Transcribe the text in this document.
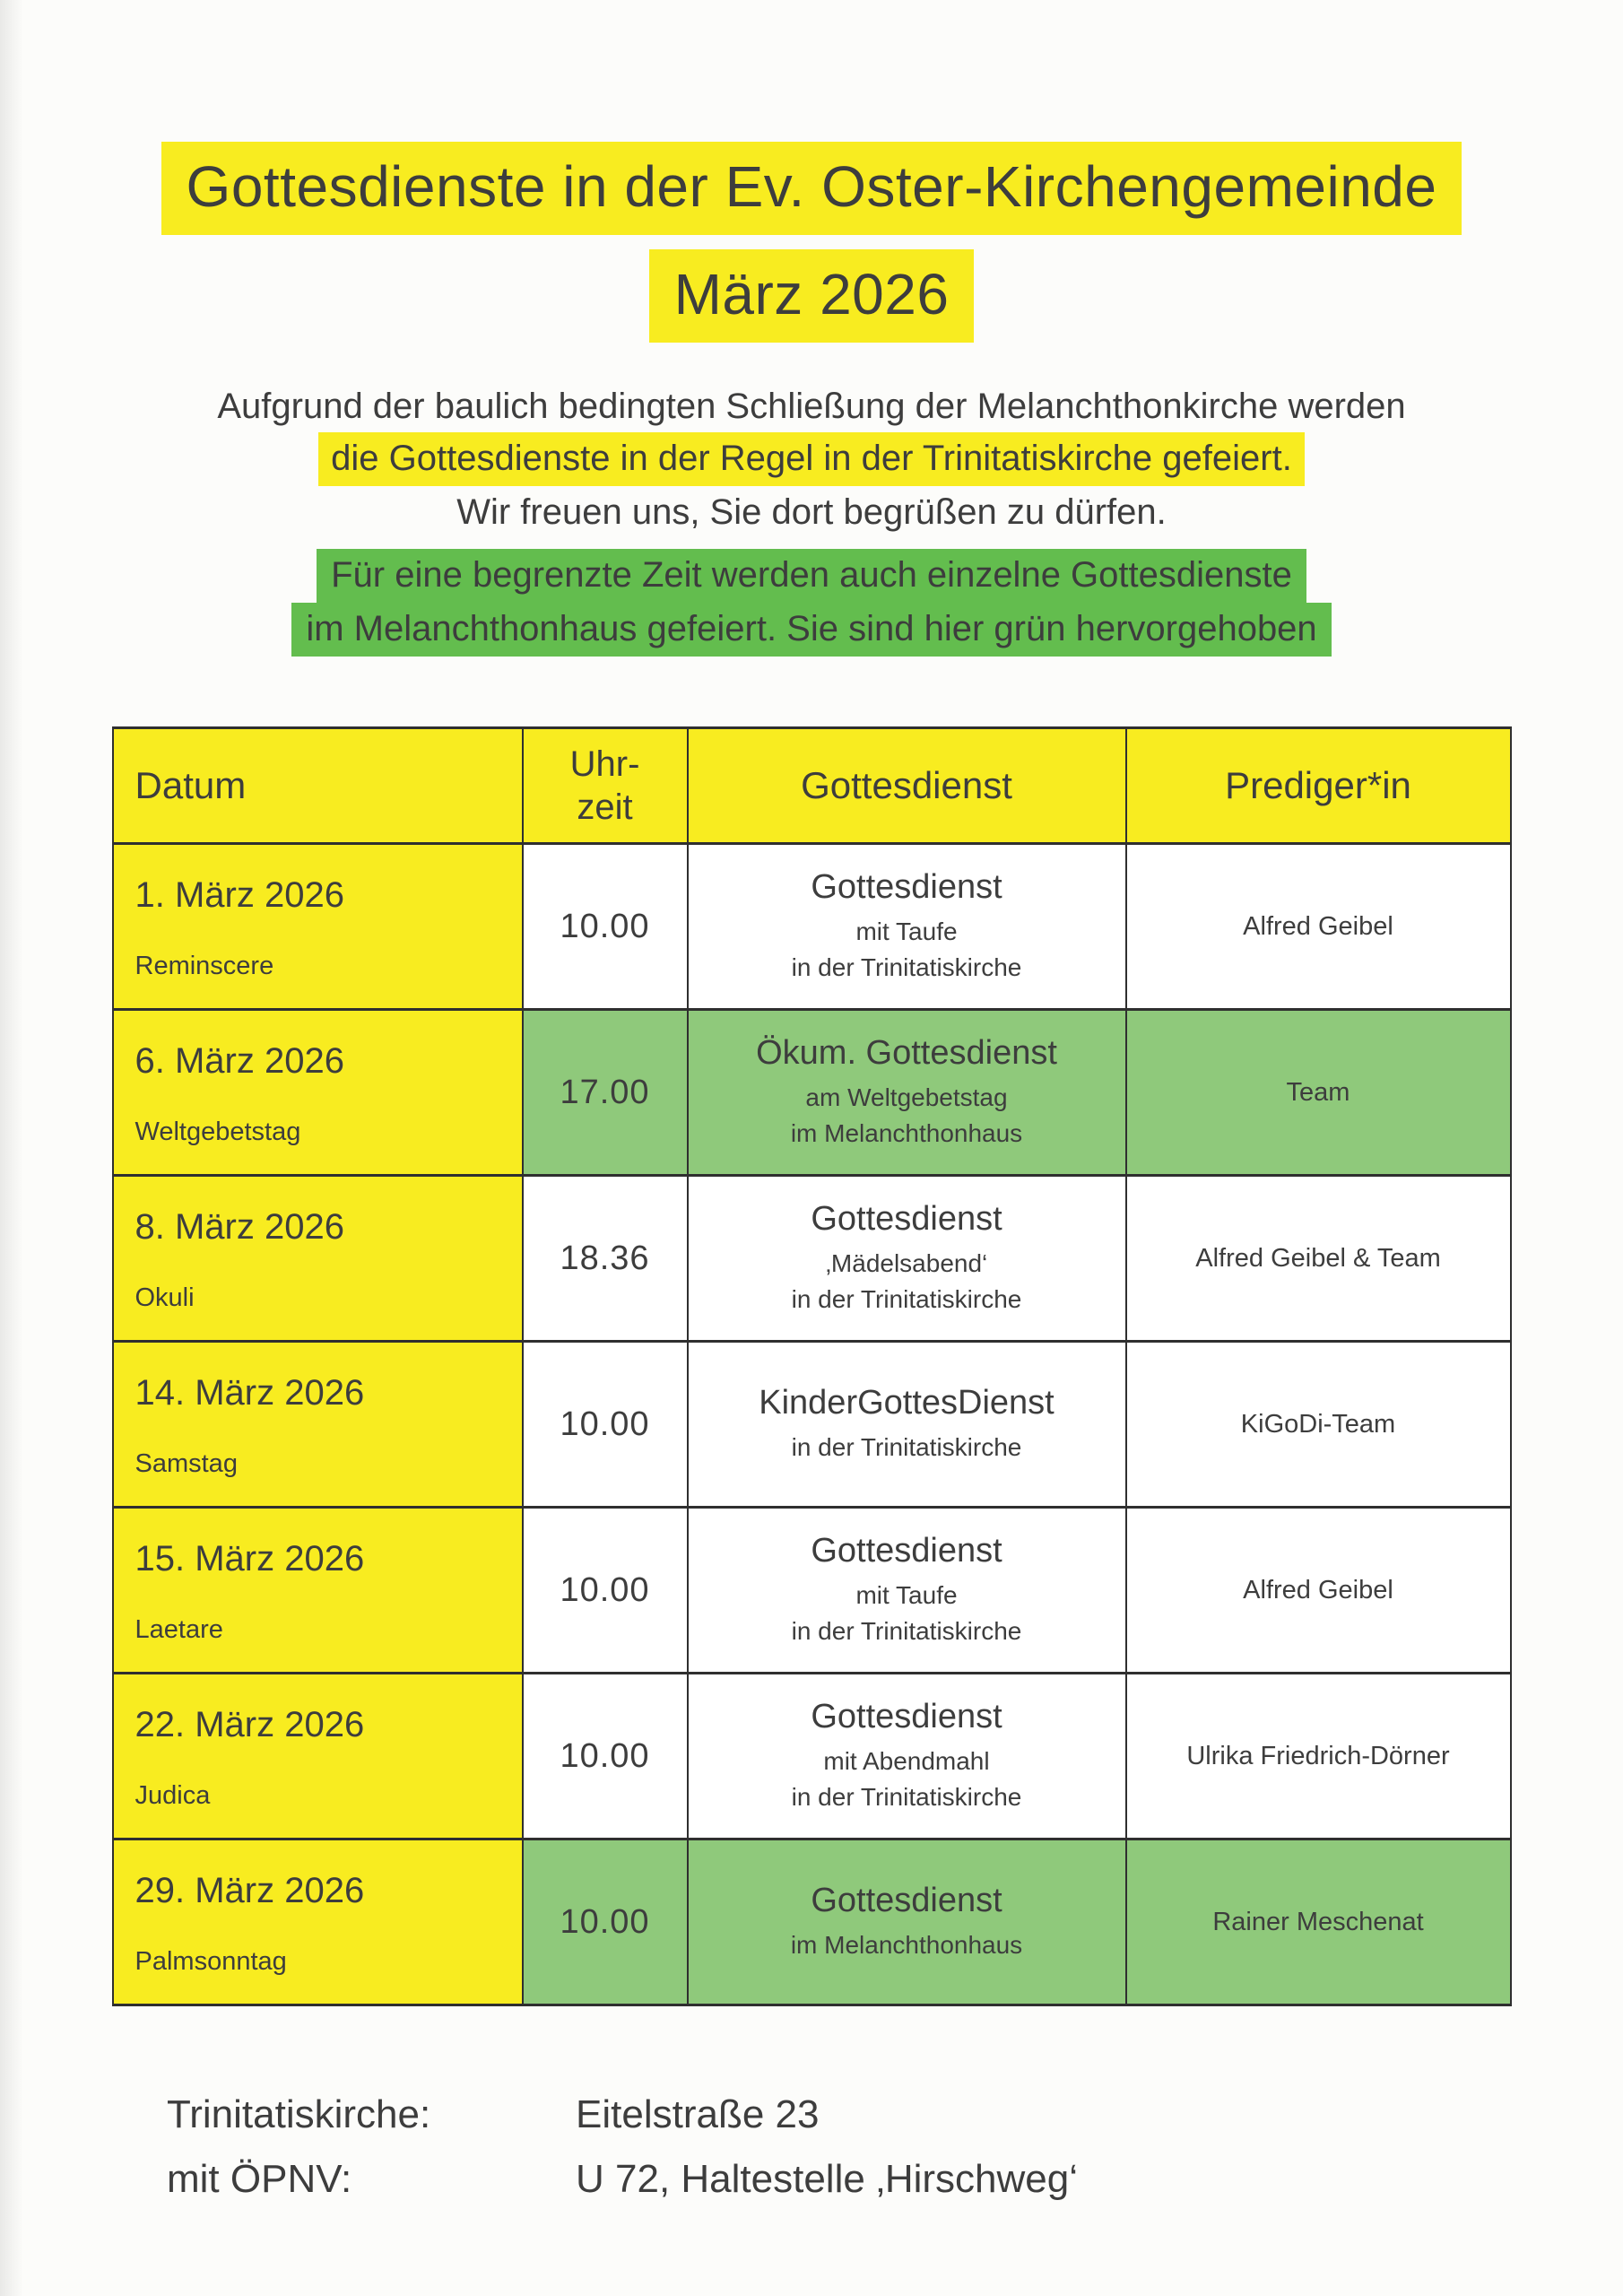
Gottesdienste in der Ev. Oster-Kirchengemeinde
März 2026
Aufgrund der baulich bedingten Schließung der Melanchthonkirche werden
die Gottesdienste in der Regel in der Trinitatiskirche gefeiert.
Wir freuen uns, Sie dort begrüßen zu dürfen.
Für eine begrenzte Zeit werden auch einzelne Gottesdienste
im Melanchthonhaus gefeiert. Sie sind hier grün hervorgehoben
Datum	Uhr-
zeit	Gottesdienst	Prediger*in

1. März 2026
Reminscere
	10.00	
Gottesdienst
mit Taufe
in der Trinitatiskirche
	Alfred Geibel

6. März 2026
Weltgebetstag
	17.00	
Ökum. Gottesdienst
am Weltgebetstag
im Melanchthonhaus
	Team

8. März 2026
Okuli
	18.36	
Gottesdienst
‚Mädelsabend‘
in der Trinitatiskirche
	Alfred Geibel & Team

14. März 2026
Samstag
	10.00	
KinderGottesDienst
in der Trinitatiskirche
	KiGoDi-Team

15. März 2026
Laetare
	10.00	
Gottesdienst
mit Taufe
in der Trinitatiskirche
	Alfred Geibel

22. März 2026
Judica
	10.00	
Gottesdienst
mit Abendmahl
in der Trinitatiskirche
	Ulrika Friedrich-Dörner

29. März 2026
Palmsonntag
	10.00	
Gottesdienst
im Melanchthonhaus
	Rainer Meschenat
Trinitatiskirche:	Eitelstraße 23
mit ÖPNV:	U 72, Haltestelle ‚Hirschweg‘
